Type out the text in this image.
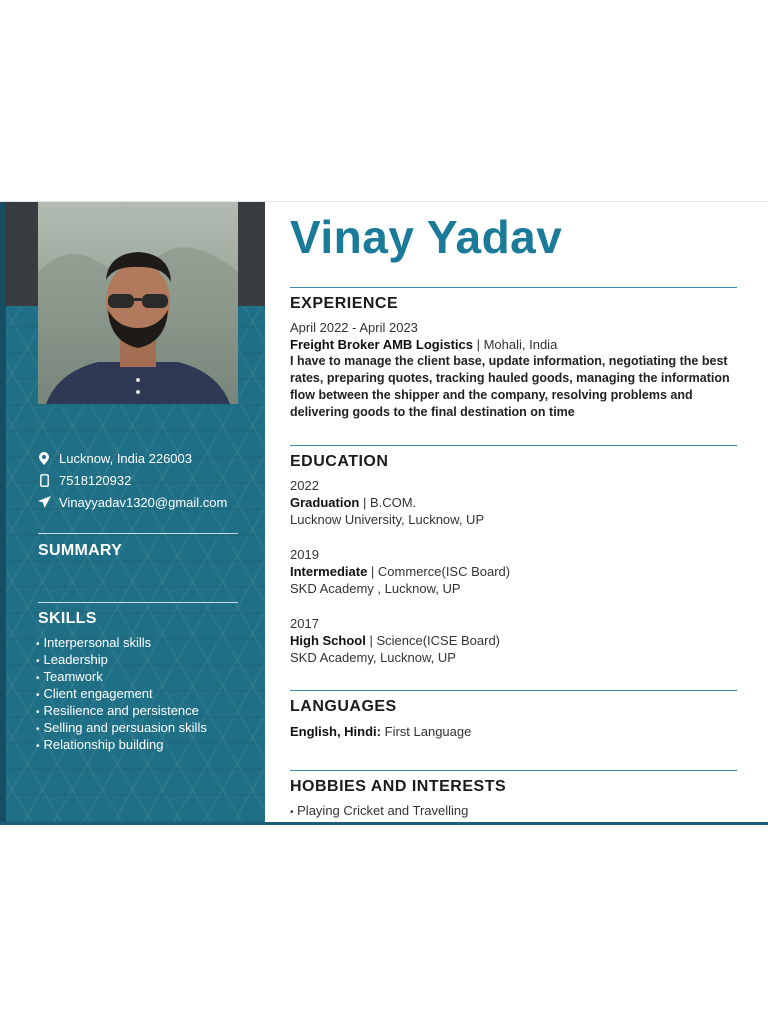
Lucknow, India 226003
7518120932
Vinayyadav1320@gmail.com
SUMMARY
SKILLS
• Interpersonal skills
• Leadership
• Teamwork
• Client engagement
• Resilience and persistence
• Selling and persuasion skills
• Relationship building
Vinay Yadav
EXPERIENCE
April 2022 - April 2023
Freight Broker AMB Logistics | Mohali, India
I have to manage the client base, update information, negotiating the best rates, preparing quotes, tracking hauled goods, managing the information flow between the shipper and the company, resolving problems and delivering goods to the final destination on time
EDUCATION
2022
Graduation | B.COM.
Lucknow University, Lucknow, UP
2019
Intermediate | Commerce(ISC Board)
SKD Academy , Lucknow, UP
2017
High School | Science(ICSE Board)
SKD Academy, Lucknow, UP
LANGUAGES
English, Hindi: First Language
HOBBIES AND INTERESTS
• Playing Cricket and Travelling
